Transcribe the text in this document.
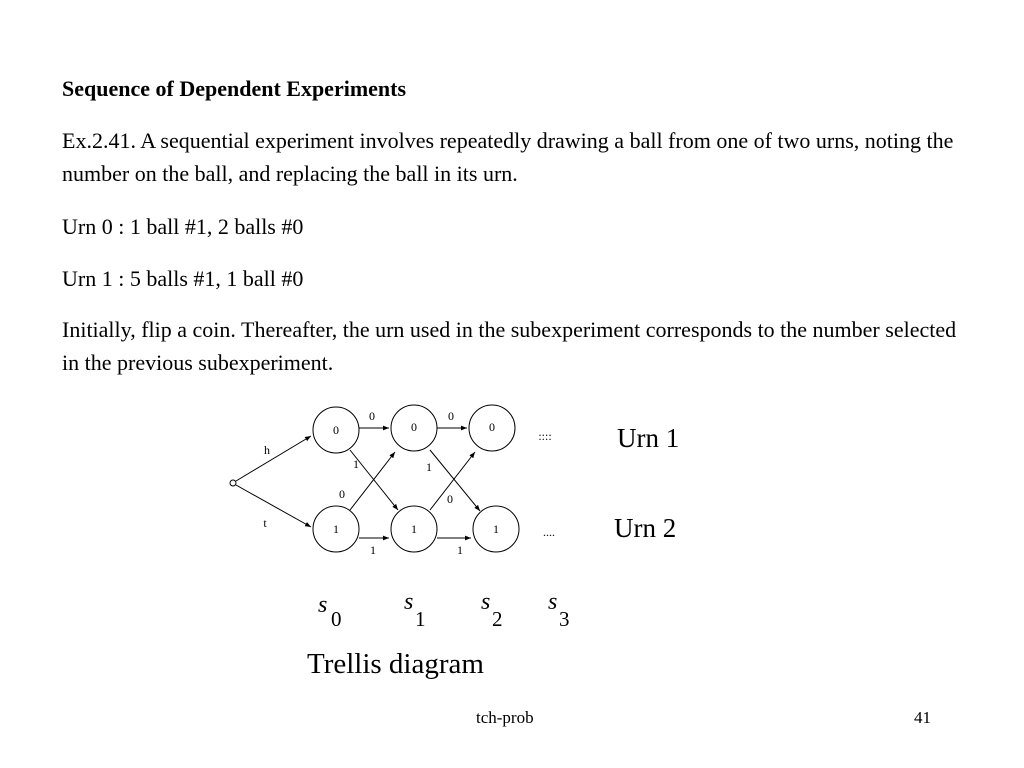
Sequence of Dependent Experiments

Ex.2.41. A sequential experiment involves repeatedly drawing a ball from one of two urns, noting the number on the ball, and replacing the ball in its urn.

Urn 0 : 1 ball #1, 2 balls #0

Urn 1 : 5 balls #1, 1 ball #0

Initially, flip a coin. Thereafter, the urn used in the subexperiment corresponds to the number selected in the previous subexperiment.

h
t
0	0	0
1	1	1
0	0
1	1
1
0
1
0
::::
....
Urn 1
Urn 2
s
0
s
1
s
2
s
3
Trellis diagram
tch-prob	41
